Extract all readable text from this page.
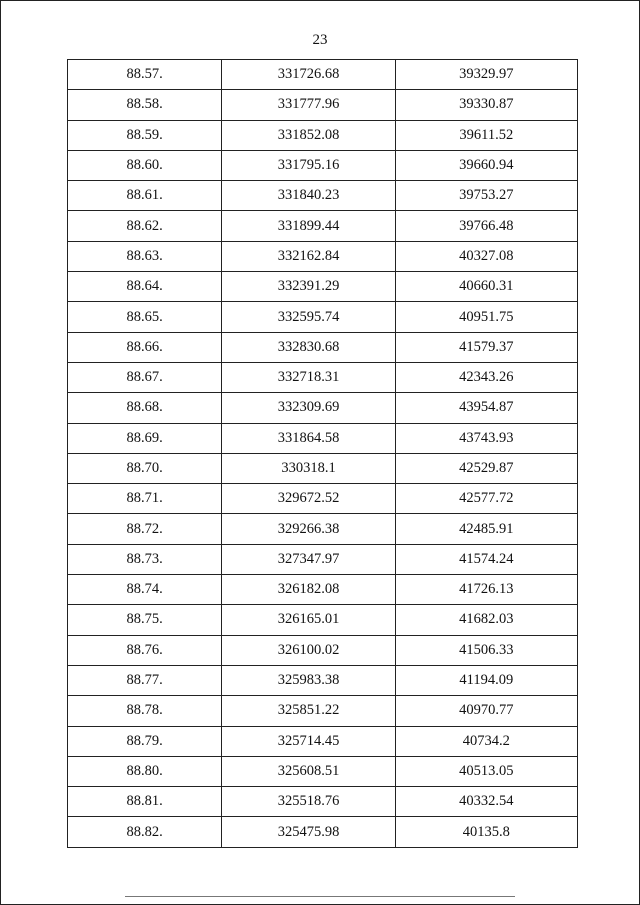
23
88.57.	331726.68	39329.97
88.58.	331777.96	39330.87
88.59.	331852.08	39611.52
88.60.	331795.16	39660.94
88.61.	331840.23	39753.27
88.62.	331899.44	39766.48
88.63.	332162.84	40327.08
88.64.	332391.29	40660.31
88.65.	332595.74	40951.75
88.66.	332830.68	41579.37
88.67.	332718.31	42343.26
88.68.	332309.69	43954.87
88.69.	331864.58	43743.93
88.70.	330318.1	42529.87
88.71.	329672.52	42577.72
88.72.	329266.38	42485.91
88.73.	327347.97	41574.24
88.74.	326182.08	41726.13
88.75.	326165.01	41682.03
88.76.	326100.02	41506.33
88.77.	325983.38	41194.09
88.78.	325851.22	40970.77
88.79.	325714.45	40734.2
88.80.	325608.51	40513.05
88.81.	325518.76	40332.54
88.82.	325475.98	40135.8
